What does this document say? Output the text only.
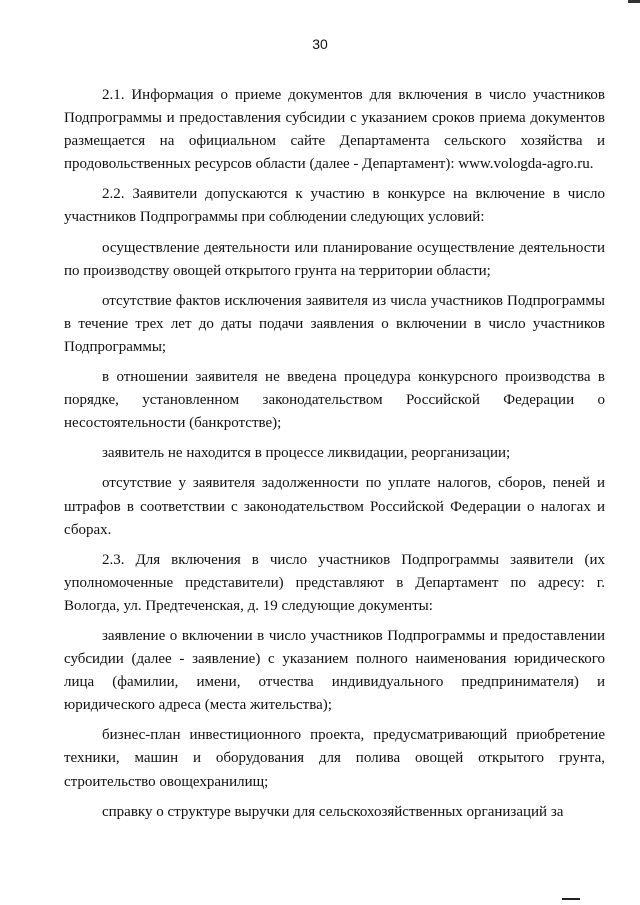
30

2.1. Информация о приеме документов для включения в число участников Подпрограммы и предоставления субсидии с указанием сроков приема документов размещается на официальном сайте Департамента сельского хозяйства и продовольственных ресурсов области (далее - Департамент): www.vologda-agro.ru.

2.2. Заявители допускаются к участию в конкурсе на включение в число участников Подпрограммы при соблюдении следующих условий:

осуществление деятельности или планирование осуществление деятельности по производству овощей открытого грунта на территории области;

отсутствие фактов исключения заявителя из числа участников Подпрограммы в течение трех лет до даты подачи заявления о включении в число участников Подпрограммы;

в отношении заявителя не введена процедура конкурсного производства в порядке, установленном законодательством Российской Федерации о несостоятельности (банкротстве);

заявитель не находится в процессе ликвидации, реорганизации;

отсутствие у заявителя задолженности по уплате налогов, сборов, пеней и штрафов в соответствии с законодательством Российской Федерации о налогах и сборах.

2.3. Для включения в число участников Подпрограммы заявители (их уполномоченные представители) представляют в Департамент по адресу: г. Вологда, ул. Предтеченская, д. 19 следующие документы:

заявление о включении в число участников Подпрограммы и предоставлении субсидии (далее - заявление) с указанием полного наименования юридического лица (фамилии, имени, отчества индивидуального предпринимателя) и юридического адреса (места жительства);

бизнес-план инвестиционного проекта, предусматривающий приобретение техники, машин и оборудования для полива овощей открытого грунта, строительство овощехранилищ;

справку о структуре выручки для сельскохозяйственных организаций за
